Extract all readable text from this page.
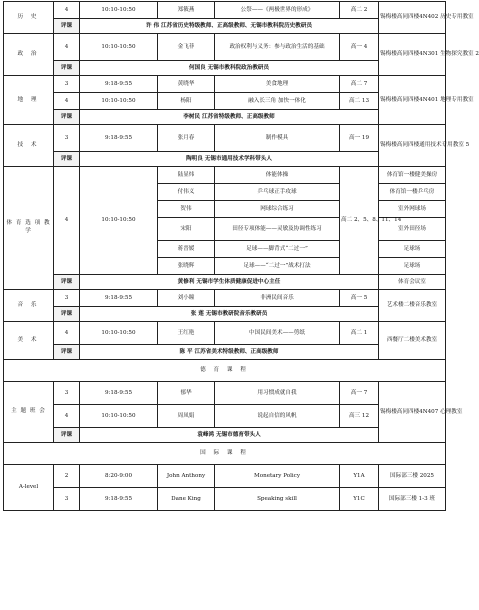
历 史	4	10:10-10:50	郑筱燕	公祭——《两极世界的形成》	高二 2	锡梅楼高同四楼4N402 历史专用教室
	评课	许 伟 江苏省历史特级教师、正高级教师、无锡市教科院历史教研员				
政 治	4	10:10-10:50	金飞菲	政治权利与义务：参与政治生活的基础	高一 4	锡梅楼高同四楼4N301 生物探究教室 2
	评课	何国良 无锡市教科院政治教研员				
地 理	3	9:18-9:55	黄晓华	美食地理	高二 7	锡梅楼高同四楼4N401 地理专用教室
	4	10:10-10:50	杨阳	融入长三角 加快一体化	高二 13	
	评课	李树民 江苏省特级教师、正高级教师				
技 术	3	9:18-9:55	张月春	制作模具	高一 19	锡梅楼高同四楼通用技术专用教室 5
	评课	陶明良 无锡市通用技术学科带头人				
体 育 选 项 教 学	4	10:10-10:50	陆显炜	体能体操	高二 2、5、8、11、14	体育馆一楼健美操房
			付伟义	乒乓球正手攻球		体育馆一楼乒乓房
			贺伟	网球综合练习		室外网球场
			宋阳	田径专项体能——灵敏及协调性练习		室外田径场
			蒋晋媛	足球——脚背式“二过一”		足球场
			张晓辉	足球——“二过一”战术打法		足球场
	评课	黄修利 无锡市学生体质健康促进中心主任				体育会议室
音 乐	3	9:18-9:55	刘小瞳	非洲民间音乐	高一 5	艺术楼二楼音乐教室
	评课	张 莲 无锡市教研院音乐教研员				
美 术	4	10:10-10:50	王红艳	中国民间美术——剪纸	高二 1	西餐厅二楼美术教室
	评课	陈 平 江苏省美术特级教师、正高级教师				
德 育 课 程						
主 题 班 会	3	9:18-9:55	郁华	用习惯成就自我	高一 7	锡梅楼高同四楼4N407 心理教室
	4	10:10-10:50	周凤娟	说起自信的风帆	高三 12	
	评课	袁峰鸿 无锡市德育带头人				
国 际 课 程						
A-level	2	8:20-9:00	John Anthony	Monetary Policy	Y1A	国际部三楼 2025
	3	9:18-9:55	Dane King	Speaking skill	Y1C	国际部三楼 1-3 班
